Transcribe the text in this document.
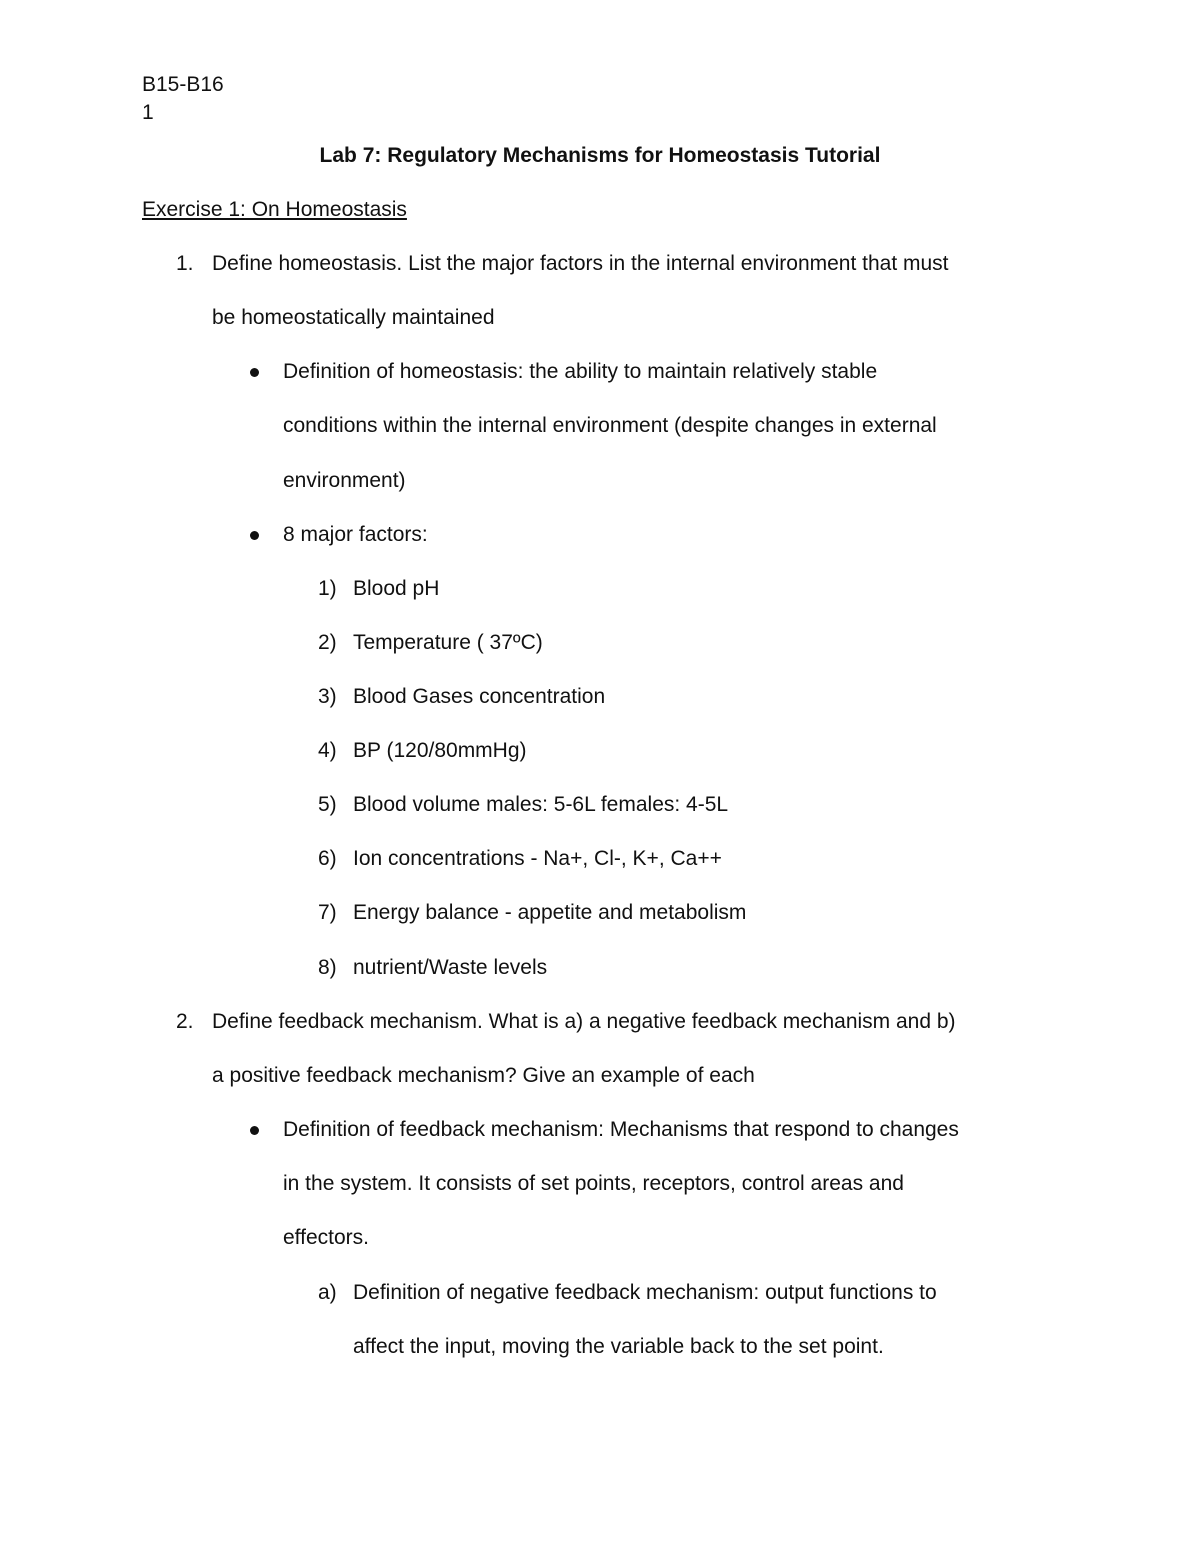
B15-B16
1
Lab 7: Regulatory Mechanisms for Homeostasis Tutorial
Exercise 1: On Homeostasis
1. Define homeostasis. List the major factors in the internal environment that must
be homeostatically maintained
Definition of homeostasis: the ability to maintain relatively stable
conditions within the internal environment (despite changes in external
environment)
8 major factors:
1) Blood pH
2) Temperature ( 37ºC)
3) Blood Gases concentration
4) BP (120/80mmHg)
5) Blood volume males: 5-6L females: 4-5L
6) Ion concentrations - Na+, Cl-, K+, Ca++
7) Energy balance - appetite and metabolism
8) nutrient/Waste levels
2. Define feedback mechanism. What is a) a negative feedback mechanism and b)
a positive feedback mechanism? Give an example of each
Definition of feedback mechanism: Mechanisms that respond to changes
in the system. It consists of set points, receptors, control areas and
effectors.
a) Definition of negative feedback mechanism: output functions to
affect the input, moving the variable back to the set point.
